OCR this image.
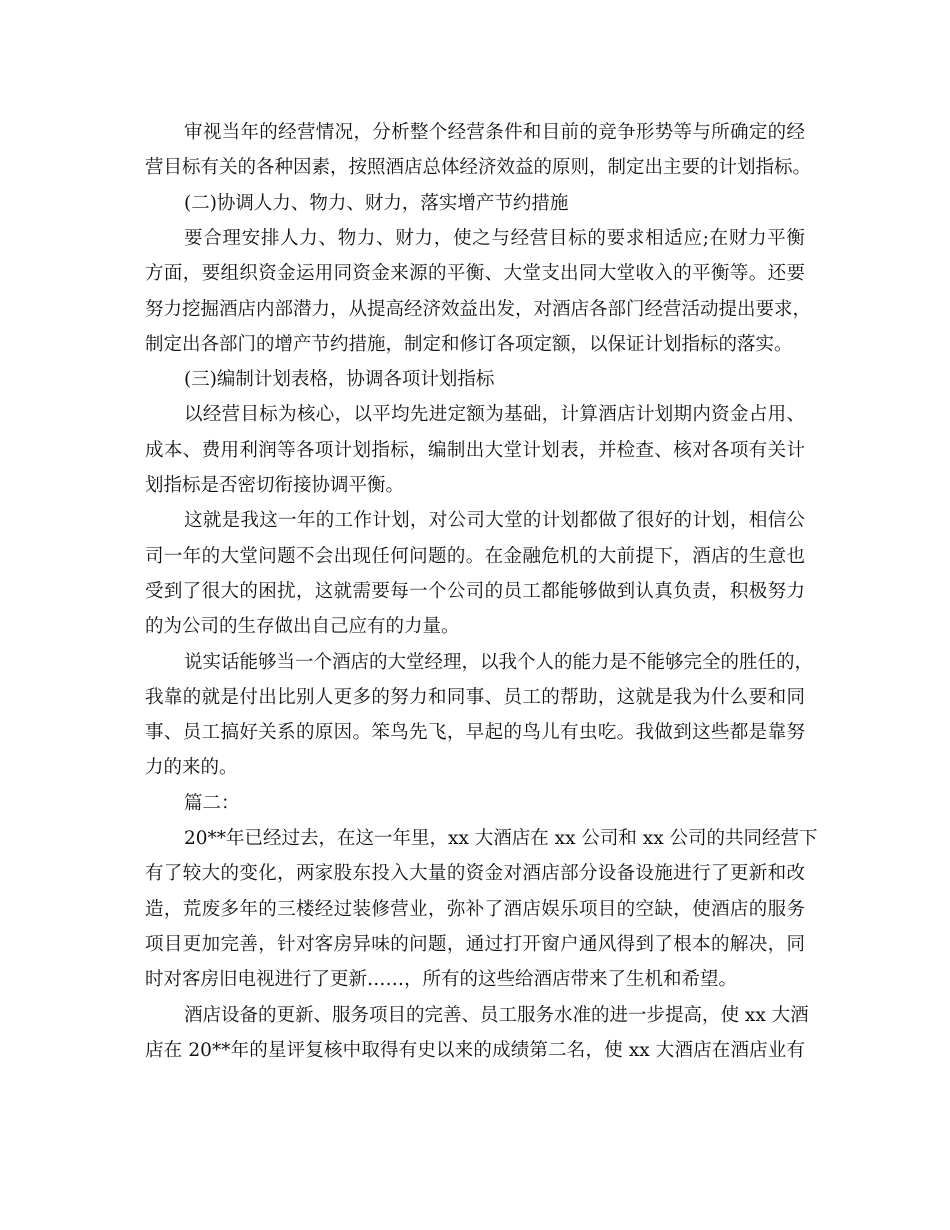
审视当年的经营情况，分析整个经营条件和目前的竞争形势等与所确定的经
营目标有关的各种因素，按照酒店总体经济效益的原则，制定出主要的计划指标。
(二)协调人力、物力、财力，落实增产节约措施
要合理安排人力、物力、财力，使之与经营目标的要求相适应;在财力平衡
方面，要组织资金运用同资金来源的平衡、大堂支出同大堂收入的平衡等。还要
努力挖掘酒店内部潜力，从提高经济效益出发，对酒店各部门经营活动提出要求，
制定出各部门的增产节约措施，制定和修订各项定额，以保证计划指标的落实。
(三)编制计划表格，协调各项计划指标
以经营目标为核心，以平均先进定额为基础，计算酒店计划期内资金占用、
成本、费用利润等各项计划指标，编制出大堂计划表，并检查、核对各项有关计
划指标是否密切衔接协调平衡。
这就是我这一年的工作计划，对公司大堂的计划都做了很好的计划，相信公
司一年的大堂问题不会出现任何问题的。在金融危机的大前提下，酒店的生意也
受到了很大的困扰，这就需要每一个公司的员工都能够做到认真负责，积极努力
的为公司的生存做出自己应有的力量。
说实话能够当一个酒店的大堂经理，以我个人的能力是不能够完全的胜任的，
我靠的就是付出比别人更多的努力和同事、员工的帮助，这就是我为什么要和同
事、员工搞好关系的原因。笨鸟先飞，早起的鸟儿有虫吃。我做到这些都是靠努
力的来的。
篇二：
20**年已经过去，在这一年里，xx 大酒店在 xx 公司和 xx 公司的共同经营下
有了较大的变化，两家股东投入大量的资金对酒店部分设备设施进行了更新和改
造，荒废多年的三楼经过装修营业，弥补了酒店娱乐项目的空缺，使酒店的服务
项目更加完善，针对客房异味的问题，通过打开窗户通风得到了根本的解决，同
时对客房旧电视进行了更新……，所有的这些给酒店带来了生机和希望。
酒店设备的更新、服务项目的完善、员工服务水准的进一步提高，使 xx 大酒
店在 20**年的星评复核中取得有史以来的成绩第二名，使 xx 大酒店在酒店业有
